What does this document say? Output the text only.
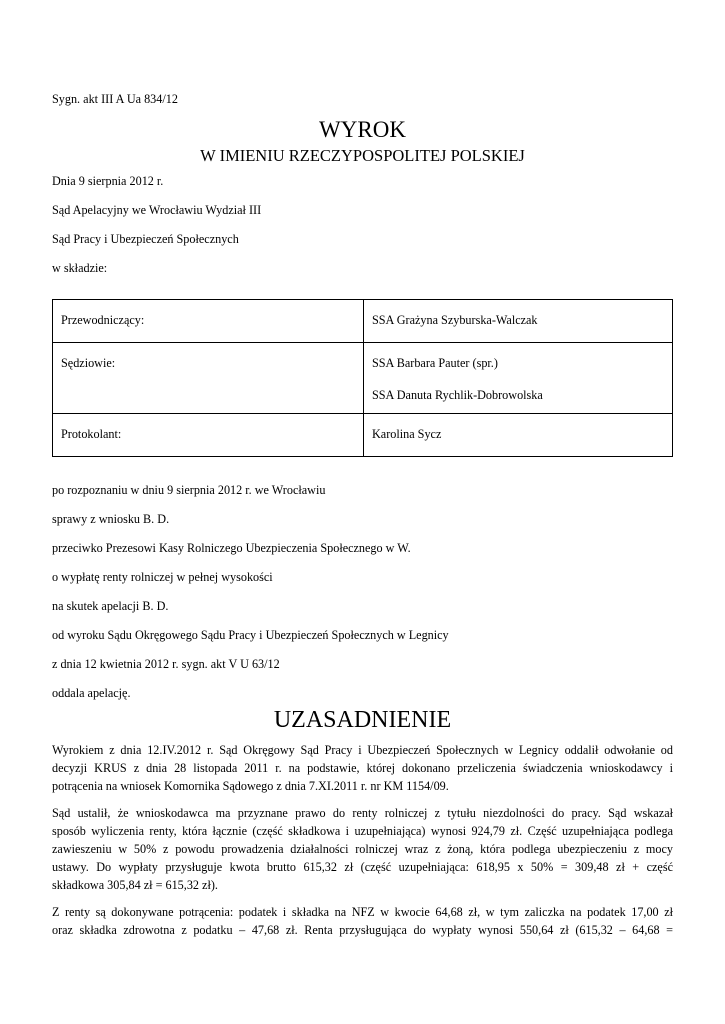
Sygn. akt III A Ua 834/12
WYROK
W IMIENIU RZECZYPOSPOLITEJ POLSKIEJ
Dnia 9 sierpnia 2012 r.
Sąd Apelacyjny we Wrocławiu Wydział III
Sąd Pracy i Ubezpieczeń Społecznych
w składzie:
Przewodniczący:	SSA Grażyna Szyburska-Walczak

Sędziowie:	SSA Barbara Pauter (spr.)
SSA Danuta Rychlik-Dobrowolska

Protokolant:	Karolina Sycz
po rozpoznaniu w dniu 9 sierpnia 2012 r. we Wrocławiu
sprawy z wniosku B. D.
przeciwko Prezesowi Kasy Rolniczego Ubezpieczenia Społecznego w W.
o wypłatę renty rolniczej w pełnej wysokości
na skutek apelacji B. D.
od wyroku Sądu Okręgowego Sądu Pracy i Ubezpieczeń Społecznych w Legnicy
z dnia 12 kwietnia 2012 r. sygn. akt V U 63/12
oddala apelację.
UZASADNIENIE
Wyrokiem z dnia 12.IV.2012 r. Sąd Okręgowy Sąd Pracy i Ubezpieczeń Społecznych w Legnicy oddalił odwołanie od
decyzji KRUS z dnia 28 listopada 2011 r. na podstawie, której dokonano przeliczenia świadczenia wnioskodawcy i
potrącenia na wniosek Komornika Sądowego z dnia 7.XI.2011 r. nr KM 1154/09.
Sąd ustalił, że wnioskodawca ma przyznane prawo do renty rolniczej z tytułu niezdolności do pracy. Sąd wskazał
sposób wyliczenia renty, która łącznie (część składkowa i uzupełniająca) wynosi 924,79 zł. Część uzupełniająca podlega
zawieszeniu w 50% z powodu prowadzenia działalności rolniczej wraz z żoną, która podlega ubezpieczeniu z mocy
ustawy. Do wypłaty przysługuje kwota brutto 615,32 zł (część uzupełniająca: 618,95 x 50% = 309,48 zł + część
składkowa 305,84 zł = 615,32 zł).
Z renty są dokonywane potrącenia: podatek i składka na NFZ w kwocie 64,68 zł, w tym zaliczka na podatek 17,00 zł
oraz składka zdrowotna z podatku – 47,68 zł. Renta przysługująca do wypłaty wynosi 550,64 zł (615,32 – 64,68 =
